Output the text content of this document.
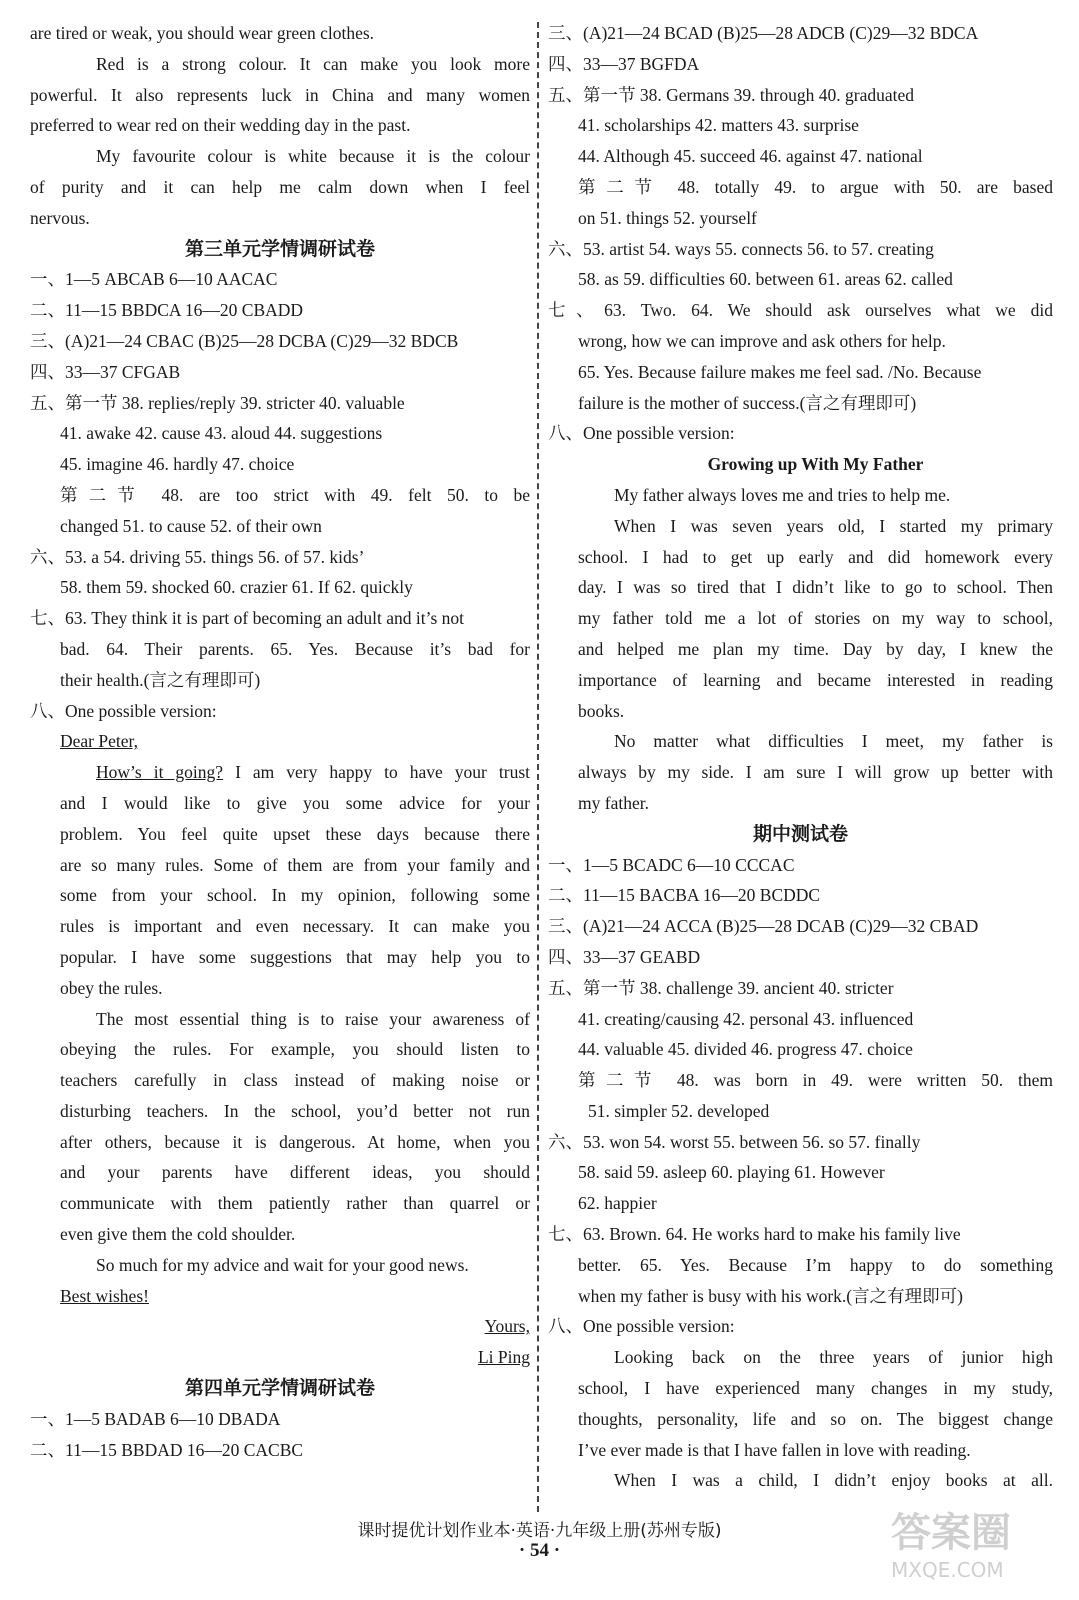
are tired or weak, you should wear green clothes.
Red is a strong colour. It can make you look more
powerful. It also represents luck in China and many women
preferred to wear red on their wedding day in the past.
My favourite colour is white because it is the colour
of purity and it can help me calm down when I feel
nervous.
第三单元学情调研试卷
一、1—5 ABCAB 6—10 AACAC
二、11—15 BBDCA 16—20 CBADD
三、(A)21—24 CBAC (B)25—28 DCBA (C)29—32 BDCB
四、33—37 CFGAB
五、第一节 38. replies/reply 39. stricter 40. valuable
41. awake 42. cause 43. aloud 44. suggestions
45. imagine 46. hardly 47. choice
第二节 48. are too strict with 49. felt 50. to be
changed 51. to cause 52. of their own
六、53. a 54. driving 55. things 56. of 57. kids’
58. them 59. shocked 60. crazier 61. If 62. quickly
七、63. They think it is part of becoming an adult and it’s not
bad. 64. Their parents. 65. Yes. Because it’s bad for
their health.(言之有理即可)
八、One possible version:
Dear Peter,
How’s it going? I am very happy to have your trust
and I would like to give you some advice for your
problem. You feel quite upset these days because there
are so many rules. Some of them are from your family and
some from your school. In my opinion, following some
rules is important and even necessary. It can make you
popular. I have some suggestions that may help you to
obey the rules.
The most essential thing is to raise your awareness of
obeying the rules. For example, you should listen to
teachers carefully in class instead of making noise or
disturbing teachers. In the school, you’d better not run
after others, because it is dangerous. At home, when you
and your parents have different ideas, you should
communicate with them patiently rather than quarrel or
even give them the cold shoulder.
So much for my advice and wait for your good news.
Best wishes!
Yours,
Li Ping
第四单元学情调研试卷
一、1—5 BADAB 6—10 DBADA
二、11—15 BBDAD 16—20 CACBC
三、(A)21—24 BCAD (B)25—28 ADCB (C)29—32 BDCA
四、33—37 BGFDA
五、第一节 38. Germans 39. through 40. graduated
41. scholarships 42. matters 43. surprise
44. Although 45. succeed 46. against 47. national
第二节 48. totally 49. to argue with 50. are based
on 51. things 52. yourself
六、53. artist 54. ways 55. connects 56. to 57. creating
58. as 59. difficulties 60. between 61. areas 62. called
七、63. Two. 64. We should ask ourselves what we did
wrong, how we can improve and ask others for help.
65. Yes. Because failure makes me feel sad. /No. Because
failure is the mother of success.(言之有理即可)
八、One possible version:
Growing up With My Father
My father always loves me and tries to help me.
When I was seven years old, I started my primary
school. I had to get up early and did homework every
day. I was so tired that I didn’t like to go to school. Then
my father told me a lot of stories on my way to school,
and helped me plan my time. Day by day, I knew the
importance of learning and became interested in reading
books.
No matter what difficulties I meet, my father is
always by my side. I am sure I will grow up better with
my father.
期中测试卷
一、1—5 BCADC 6—10 CCCAC
二、11—15 BACBA 16—20 BCDDC
三、(A)21—24 ACCA (B)25—28 DCAB (C)29—32 CBAD
四、33—37 GEABD
五、第一节 38. challenge 39. ancient 40. stricter
41. creating/causing 42. personal 43. influenced
44. valuable 45. divided 46. progress 47. choice
第二节 48. was born in 49. were written 50. them
51. simpler 52. developed
六、53. won 54. worst 55. between 56. so 57. finally
58. said 59. asleep 60. playing 61. However
62. happier
七、63. Brown. 64. He works hard to make his family live
better. 65. Yes. Because I’m happy to do something
when my father is busy with his work.(言之有理即可)
八、One possible version:
Looking back on the three years of junior high
school, I have experienced many changes in my study,
thoughts, personality, life and so on. The biggest change
I’ve ever made is that I have fallen in love with reading.
When I was a child, I didn’t enjoy books at all.
课时提优计划作业本·英语·九年级上册(苏州专版)
· 54 ·	答案圈
MXQE.COM
